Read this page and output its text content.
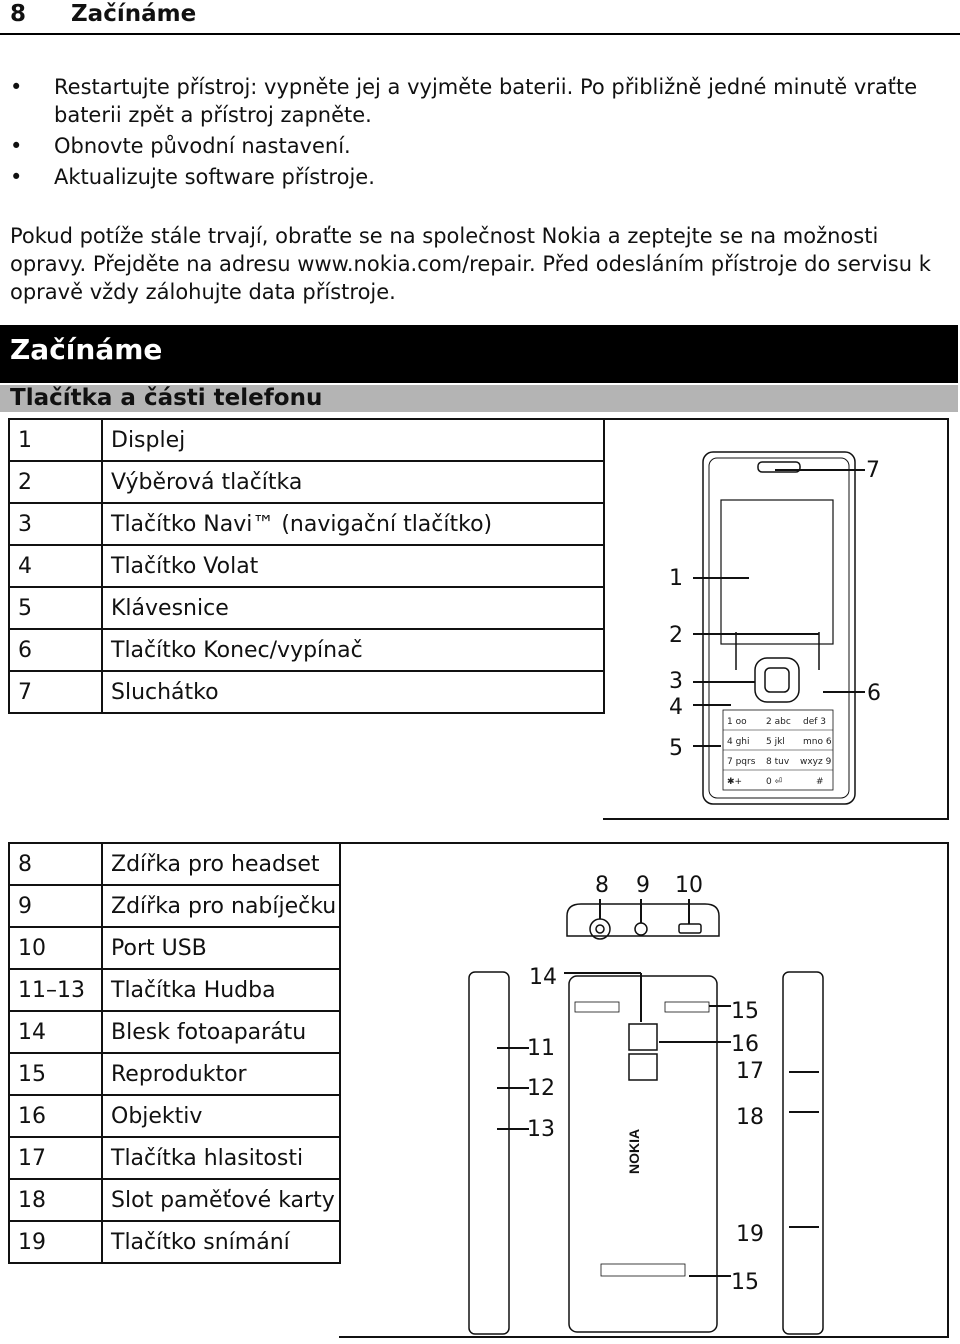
8 Začínáme
• Restartujte přístroj: vypněte jej a vyjměte baterii. Po přibližně jedné minutě vraťte baterii zpět a přístroj zapněte.
• Obnovte původní nastavení.
• Aktualizujte software přístroje.

Pokud potíže stále trvají, obraťte se na společnost Nokia a zeptejte se na možnosti opravy. Přejděte na adresu www.nokia.com/repair. Před odesláním přístroje do servisu k opravě vždy zálohujte data přístroje.

Začínáme
Tlačítka a části telefonu
1	Displej
2	Výběrová tlačítka
3	Tlačítko Navi™ (navigační tlačítko)
4	Tlačítko Volat
5	Klávesnice
6	Tlačítko Konec/vypínač
7	Sluchátko
7
1
2
3
4
5
6
1 oo 2 abc def 3
4 ghi 5 jkl mno 6
7 pqrs 8 tuv wxyz 9
✱+	0 ⏎	#
8	Zdířka pro headset
9	Zdířka pro nabíječku
10	Port USB
11–13	Tlačítka Hudba
14	Blesk fotoaparátu
15	Reproduktor
16	Objektiv
17	Tlačítka hlasitosti
18	Slot paměťové karty
19	Tlačítko snímání
NOKIA
8 9 10
14
11
12
13
15
16
17
18
19
15
